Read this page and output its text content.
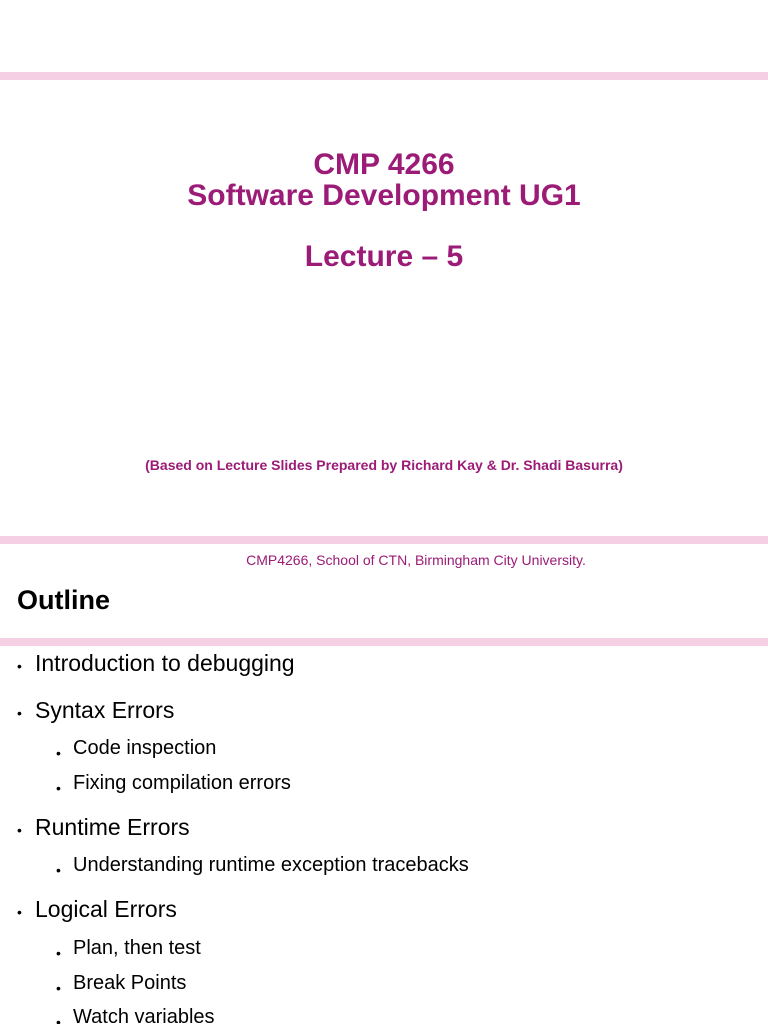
CMP 4266
Software Development UG1
Lecture – 5
(Based on Lecture Slides Prepared by Richard Kay & Dr. Shadi Basurra)
CMP4266, School of CTN, Birmingham City University.
Outline
• Introduction to debugging
• Syntax Errors
• Code inspection
• Fixing compilation errors
• Runtime Errors
• Understanding runtime exception tracebacks
• Logical Errors
• Plan, then test
• Break Points
• Watch variables
